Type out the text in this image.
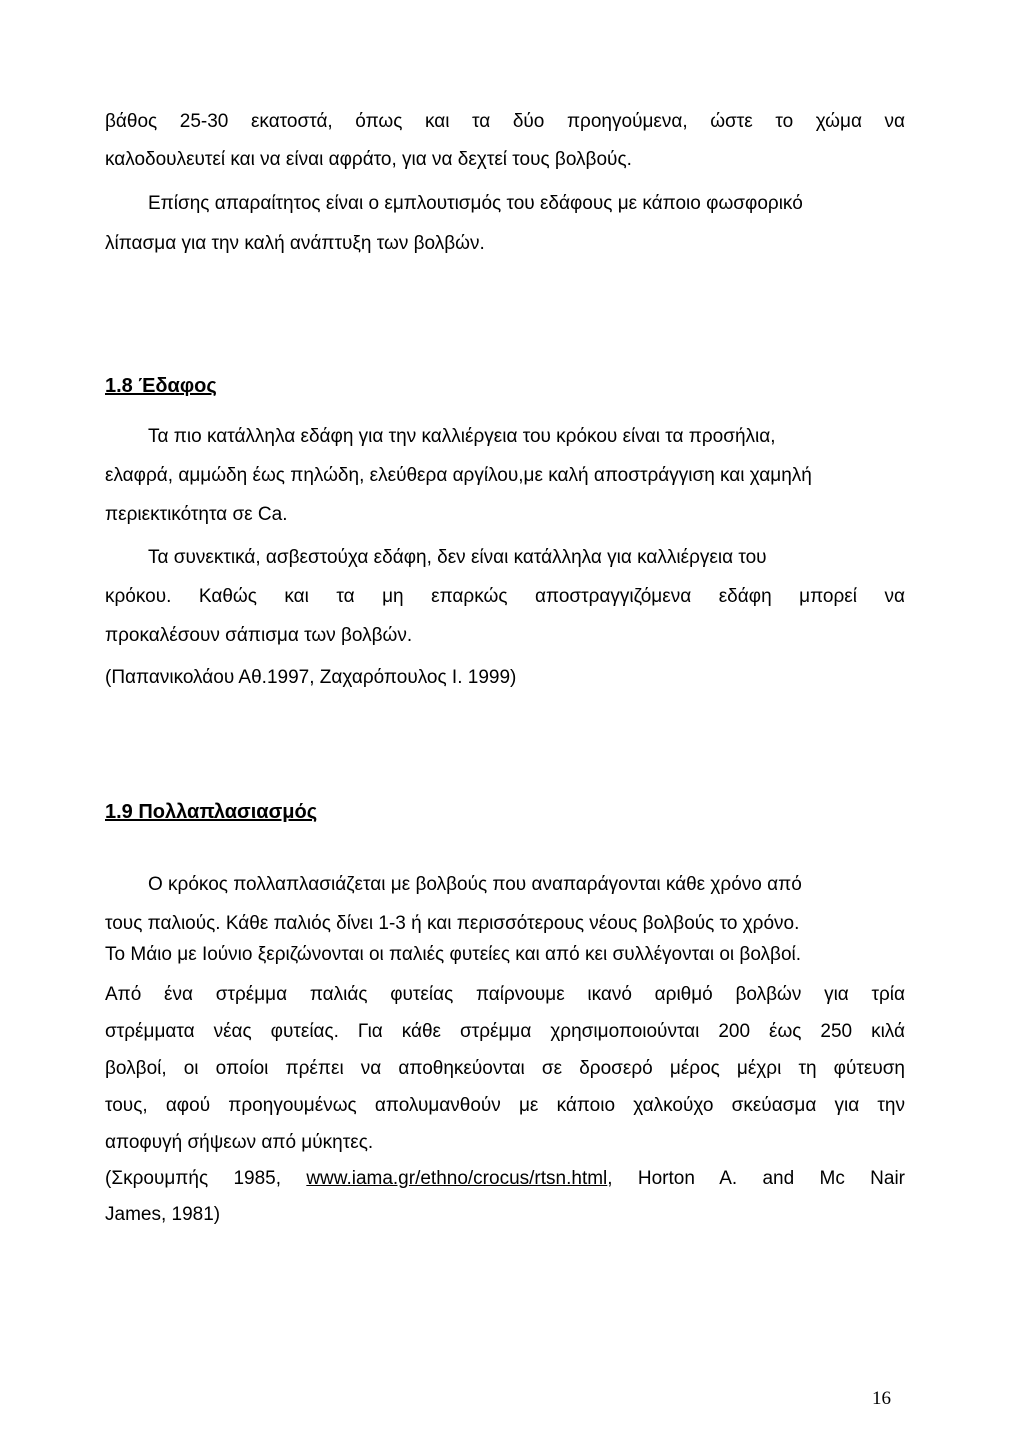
βάθος 25-30 εκατοστά, όπως και τα δύο προηγούμενα, ώστε το χώμα να
καλοδουλευτεί και να είναι αφράτο, για να δεχτεί τους βολβούς.
Επίσης απαραίτητος είναι ο εμπλουτισμός του εδάφους με κάποιο φωσφορικό
λίπασμα για την καλή ανάπτυξη των βολβών.
1.8 Έδαφος
Τα πιο κατάλληλα εδάφη για την καλλιέργεια του κρόκου είναι τα προσήλια,
ελαφρά, αμμώδη έως πηλώδη, ελεύθερα αργίλου,με καλή αποστράγγιση και χαμηλή
περιεκτικότητα σε Ca.
Τα συνεκτικά, ασβεστούχα εδάφη, δεν είναι κατάλληλα για καλλιέργεια του
κρόκου. Καθώς και τα μη επαρκώς αποστραγγιζόμενα εδάφη μπορεί να
προκαλέσουν σάπισμα των βολβών.
(Παπανικολάου Αθ.1997, Ζαχαρόπουλος Ι. 1999)
1.9 Πολλαπλασιασμός
Ο κρόκος πολλαπλασιάζεται με βολβούς που αναπαράγονται κάθε χρόνο από
τους παλιούς. Κάθε παλιός δίνει 1-3 ή και περισσότερους νέους βολβούς το χρόνο.
Το Μάιο με Ιούνιο ξεριζώνονται οι παλιές φυτείες και από κει συλλέγονται οι βολβοί.
Από ένα στρέμμα παλιάς φυτείας παίρνουμε ικανό αριθμό βολβών για τρία
στρέμματα νέας φυτείας. Για κάθε στρέμμα χρησιμοποιούνται 200 έως 250 κιλά
βολβοί, οι οποίοι πρέπει να αποθηκεύονται σε δροσερό μέρος μέχρι τη φύτευση
τους, αφού προηγουμένως απολυμανθούν με κάποιο χαλκούχο σκεύασμα για την
αποφυγή σήψεων από μύκητες.
(Σκρουμπής 1985, www.iama.gr/ethno/crocus/rtsn.html, Horton A. and Mc Nair
James, 1981)
16
